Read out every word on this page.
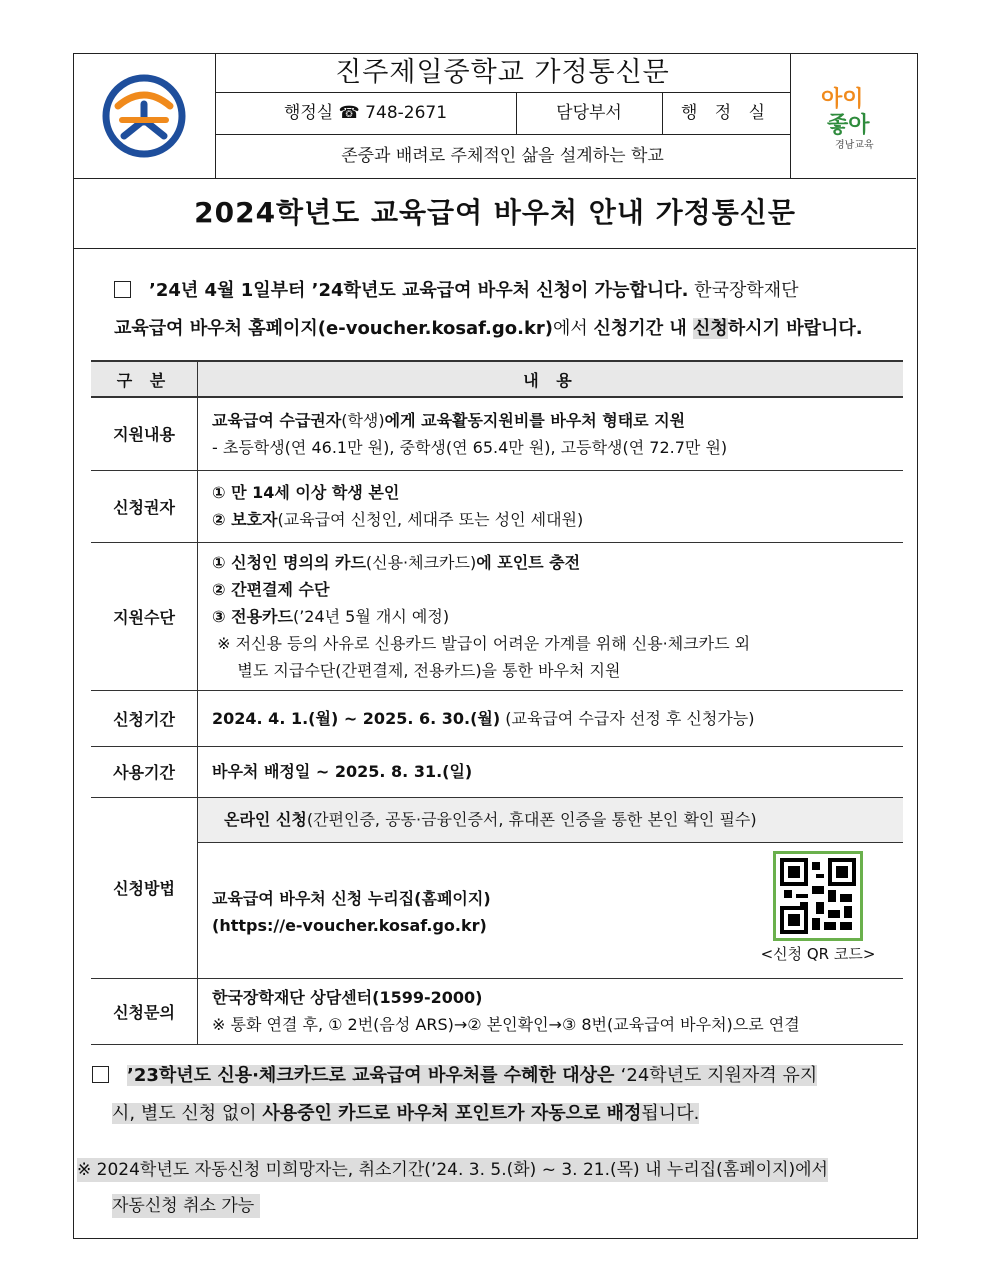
진주제일중학교 가정통신문
행정실 ☎ 748-2671	담당부서	행 정 실
존중과 배려로 주체적인 삶을 설계하는 학교
아이
좋아
경남교육
2024학년도 교육급여 바우처 안내 가정통신문
’24년 4월 1일부터 ’24학년도 교육급여 바우처 신청이 가능합니다. 한국장학재단
교육급여 바우처 홈페이지(e-voucher.kosaf.go.kr)에서 신청기간 내 신청하시기 바랍니다.
구 분	내 용
지원내용	교육급여 수급권자(학생)에게 교육활동지원비를 바우처 형태로 지원
- 초등학생(연 46.1만 원), 중학생(연 65.4만 원), 고등학생(연 72.7만 원)

신청권자	① 만 14세 이상 학생 본인
② 보호자(교육급여 신청인, 세대주 또는 성인 세대원)

지원수단	① 신청인 명의의 카드(신용·체크카드)에 포인트 충전
② 간편결제 수단
③ 전용카드(’24년 5월 개시 예정)
※ 저신용 등의 사유로 신용카드 발급이 어려운 가계를 위해 신용·체크카드 외
별도 지급수단(간편결제, 전용카드)을 통한 바우처 지원

신청기간	2024. 4. 1.(월) ~ 2025. 6. 30.(월) (교육급여 수급자 선정 후 신청가능)
사용기간	바우처 배정일 ~ 2025. 8. 31.(일)
신청방법	온라인 신청(간편인증, 공동·금융인증서, 휴대폰 인증을 통한 본인 확인 필수)
교육급여 바우처 신청 누리집(홈페이지)
(https://e-voucher.kosaf.go.kr)
<신청 QR 코드>

신청문의	한국장학재단 상담센터(1599-2000)
※ 통화 연결 후, ① 2번(음성 ARS)→② 본인확인→③ 8번(교육급여 바우처)으로 연결
’23학년도 신용·체크카드로 교육급여 바우처를 수혜한 대상은 ‘24학년도 지원자격 유지
시, 별도 신청 없이 사용중인 카드로 바우처 포인트가 자동으로 배정됩니다.
※ 2024학년도 자동신청 미희망자는, 취소기간(’24. 3. 5.(화) ~ 3. 21.(목) 내 누리집(홈페이지)에서
자동신청 취소 가능
